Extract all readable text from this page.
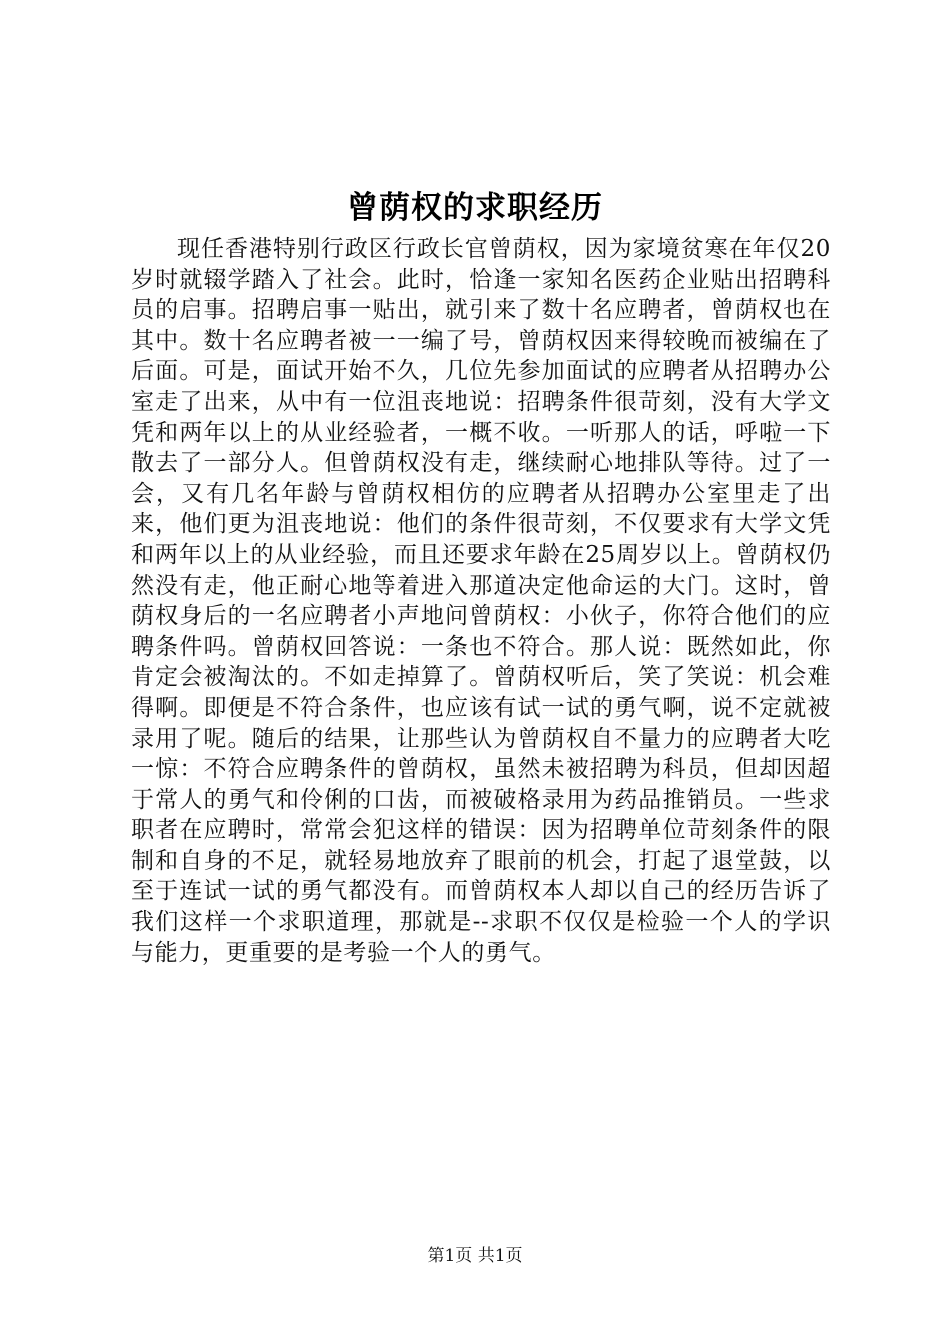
曾荫权的求职经历

现任香港特别行政区行政长官曾荫权，因为家境贫寒在年仅20岁时就辍学踏入了社会。此时，恰逢一家知名医药企业贴出招聘科员的启事。招聘启事一贴出，就引来了数十名应聘者，曾荫权也在其中。数十名应聘者被一一编了号，曾荫权因来得较晚而被编在了后面。可是，面试开始不久，几位先参加面试的应聘者从招聘办公室走了出来，从中有一位沮丧地说：招聘条件很苛刻，没有大学文凭和两年以上的从业经验者，一概不收。一听那人的话，呼啦一下散去了一部分人。但曾荫权没有走，继续耐心地排队等待。过了一会，又有几名年龄与曾荫权相仿的应聘者从招聘办公室里走了出来，他们更为沮丧地说：他们的条件很苛刻，不仅要求有大学文凭和两年以上的从业经验，而且还要求年龄在25周岁以上。曾荫权仍然没有走，他正耐心地等着进入那道决定他命运的大门。这时，曾荫权身后的一名应聘者小声地问曾荫权：小伙子，你符合他们的应聘条件吗。曾荫权回答说：一条也不符合。那人说：既然如此，你肯定会被淘汰的。不如走掉算了。曾荫权听后，笑了笑说：机会难得啊。即便是不符合条件，也应该有试一试的勇气啊，说不定就被录用了呢。随后的结果，让那些认为曾荫权自不量力的应聘者大吃一惊：不符合应聘条件的曾荫权，虽然未被招聘为科员，但却因超于常人的勇气和伶俐的口齿，而被破格录用为药品推销员。一些求职者在应聘时，常常会犯这样的错误：因为招聘单位苛刻条件的限制和自身的不足，就轻易地放弃了眼前的机会，打起了退堂鼓，以至于连试一试的勇气都没有。而曾荫权本人却以自己的经历告诉了我们这样一个求职道理，那就是--求职不仅仅是检验一个人的学识与能力，更重要的是考验一个人的勇气。

第1页 共1页
